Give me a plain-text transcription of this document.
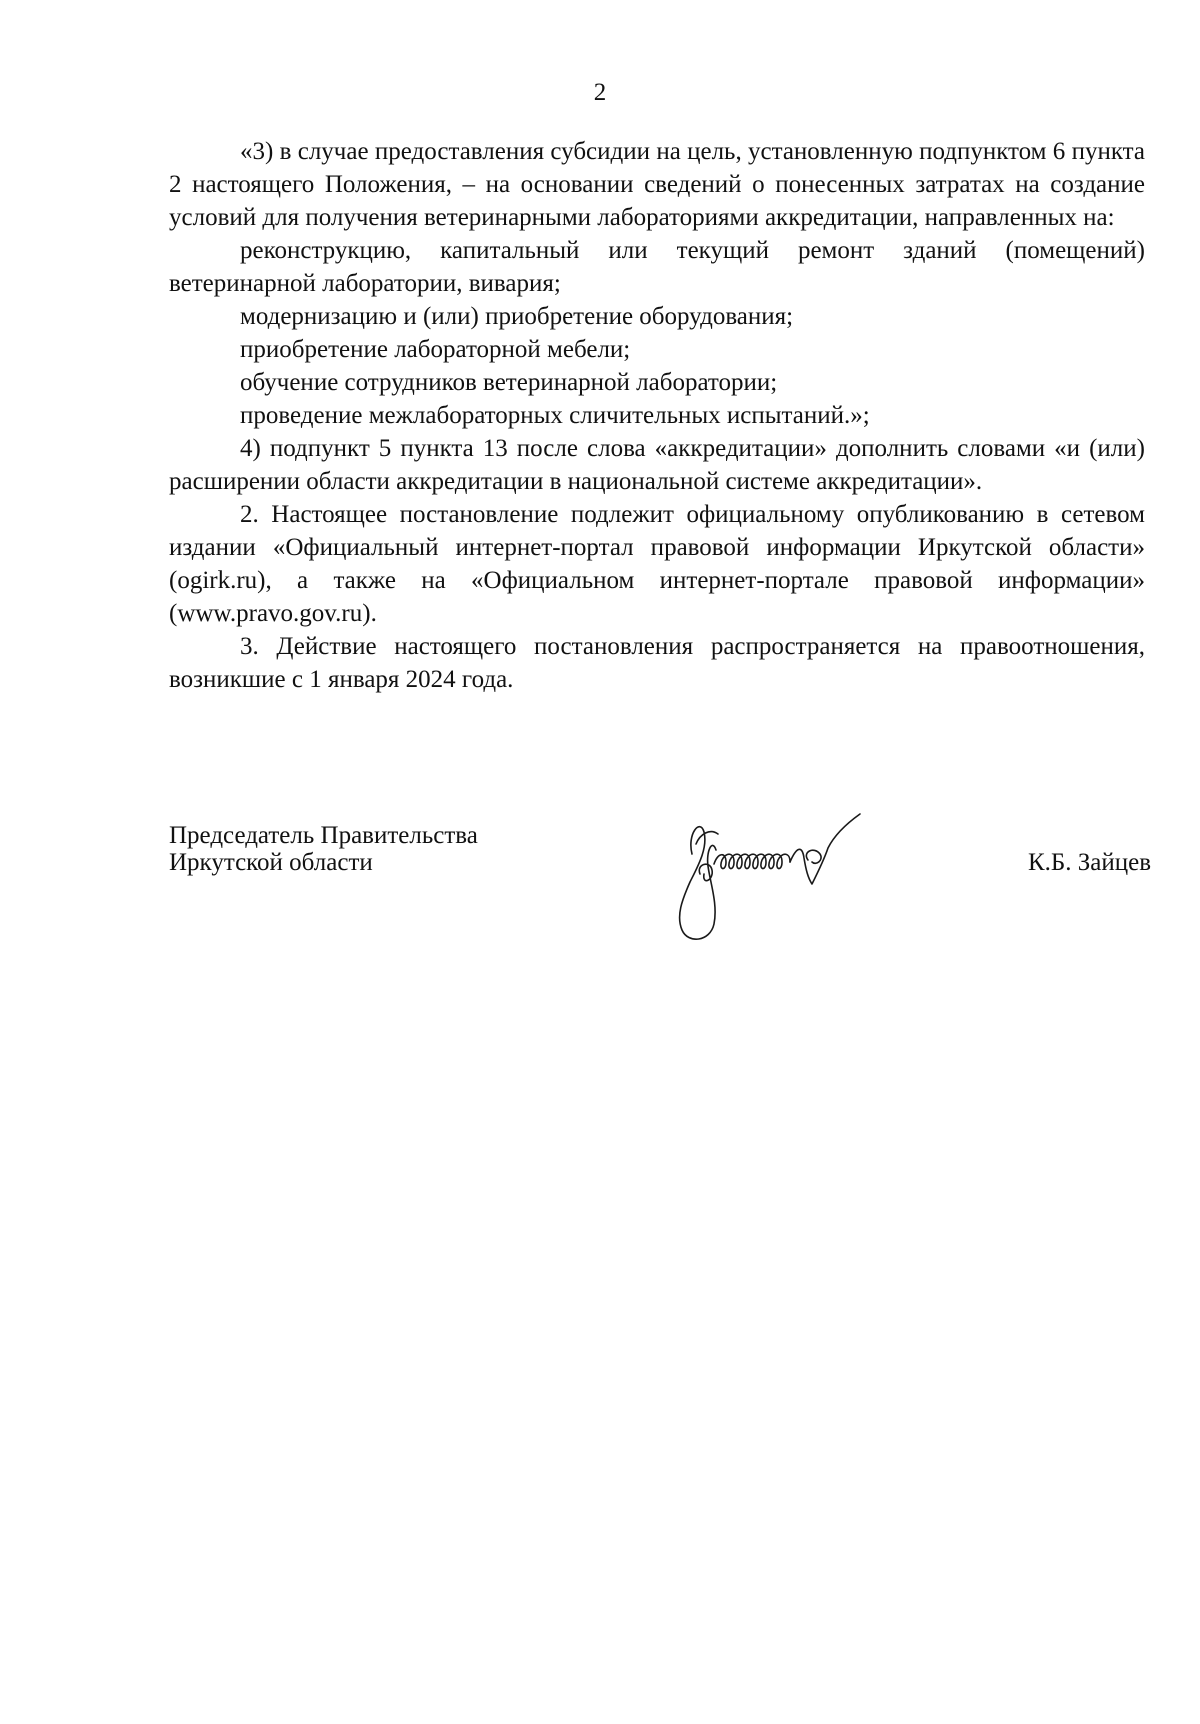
2

«3) в случае предоставления субсидии на цель, установленную подпунктом 6 пункта 2 настоящего Положения, – на основании сведений о понесенных затратах на создание условий для получения ветеринарными лабораториями аккредитации, направленных на:

реконструкцию, капитальный или текущий ремонт зданий (помещений) ветеринарной лаборатории, вивария;

модернизацию и (или) приобретение оборудования;

приобретение лабораторной мебели;

обучение сотрудников ветеринарной лаборатории;

проведение межлабораторных сличительных испытаний.»;

4) подпункт 5 пункта 13 после слова «аккредитации» дополнить словами «и (или) расширении области аккредитации в национальной системе аккредитации».

2. Настоящее постановление подлежит официальному опубликованию в сетевом издании «Официальный интернет-портал правовой информации Иркутской области» (ogirk.ru), а также на «Официальном интернет-портале правовой информации» (www.pravo.gov.ru).

3. Действие настоящего постановления распространяется на правоотношения, возникшие с 1 января 2024 года.

Председатель Правительства
Иркутской области	К.Б. Зайцев
